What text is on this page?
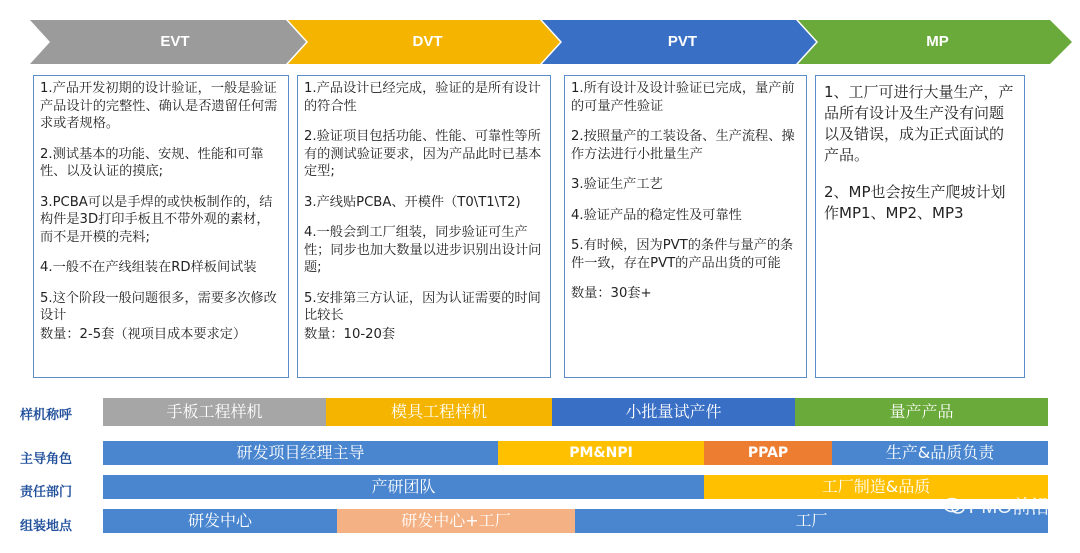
EVT	DVT	PVT	MP

1.产品开发初期的设计验证，一般是验证产品设计的完整性、确认是否遗留任何需求或者规格。

2.测试基本的功能、安规、性能和可靠性、以及认证的摸底;

3.PCBA可以是手焊的或快板制作的，结构件是3D打印手板且不带外观的素材，而不是开模的壳料;

4.一般不在产线组装在RD样板间试装

5.这个阶段一般问题很多，需要多次修改设计

数量：2-5套（视项目成本要求定）

1.产品设计已经完成，验证的是所有设计的符合性

2.验证项目包括功能、性能、可靠性等所有的测试验证要求，因为产品此时已基本定型;

3.产线贴PCBA、开模件（T0\T1\T2)

4.一般会到工厂组装，同步验证可生产性；同步也加大数量以进步识别出设计问题;

5.安排第三方认证，因为认证需要的时间比较长

数量：10-20套

1.所有设计及设计验证已完成，量产前的可量产性验证

2.按照量产的工装设备、生产流程、操作方法进行小批量生产

3.验证生产工艺

4.验证产品的稳定性及可靠性

5.有时候，因为PVT的条件与量产的条件一致，存在PVT的产品出货的可能

数量：30套+

1、工厂可进行大量生产，产品所有设计及生产没有问题以及错误，成为正式面试的产品。

2、MP也会按生产爬坡计划作MP1、MP2、MP3

样机称呼	手板工程样机	模具工程样机	小批量试产件	量产产品
主导角色	研发项目经理主导	PM&NPI	PPAP	生产&品质负责
责任部门	产研团队	工厂制造&品质
组装地点	研发中心	研发中心+工厂	工厂
PMO前沿
